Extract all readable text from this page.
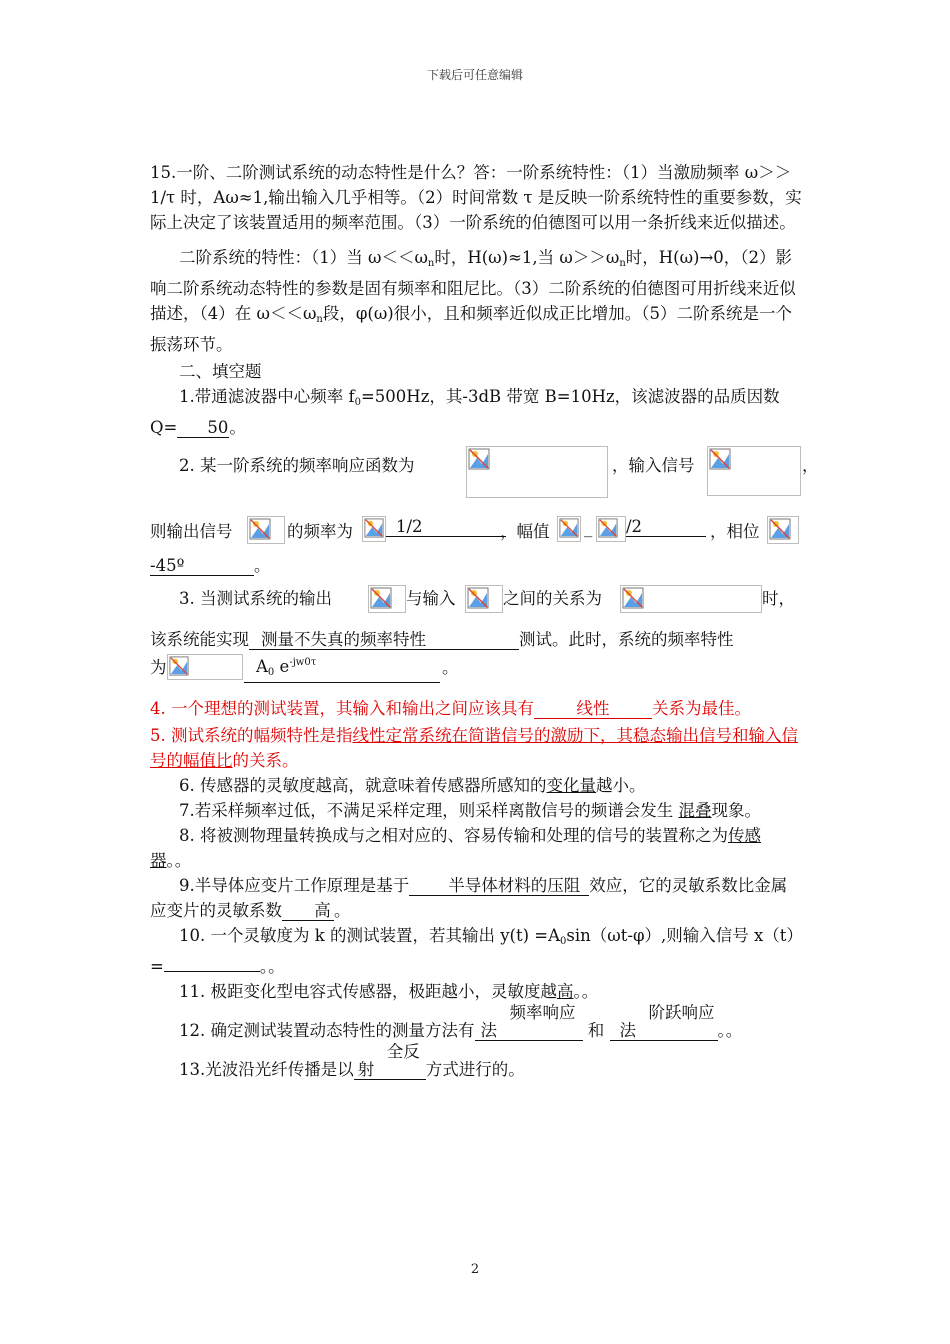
下载后可任意编辑

15.一阶、二阶测试系统的动态特性是什么？答：一阶系统特性：（1）当激励频率 ω＞＞1/τ 时，Aω≈1,输出输入几乎相等。（2）时间常数 τ 是反映一阶系统特性的重要参数，实 际上决定了该装置适用的频率范围。（3）一阶系统的伯德图可以用一条折线来近似描述。

二阶系统的特性：（1）当 $\omega<<\omega_n$时，H(ω)≈1,当 $\omega>>\omega_n$时，H(ω)→0，（2）影响二阶系统动态特性的参数是固有频率和阻尼比。（3）二阶系统的伯德图可用折线来近似描述，（4）在 $\omega<<\omega_n$段，φ(ω)很小，且和频率近似成正比增加。（5）二阶系统是一个振荡环节。

二、填空题

1.带通滤波器中心频率 $f_0=500Hz$，其-3dB 带宽 B=10Hz，该滤波器的品质因数 Q= 50。

2. 某一阶系统的频率响应函数为	，输入信号	，
则输出信号	的频率为	1/2	，幅值 _ /2	，相位

-45º	。

3. 当测试系统的输出	与输入	之间的关系为	时，

该系统能实现 测量不失真的频率特性	测试。此时，系统的频率特性

为	$A_0$ $e^{-jw0\tau}$	。

4. 一个理想的测试装置，其输入和输出之间应该具有	线性	关系为最佳。

5. 测试系统的幅频特性是指线性定常系统在简谐信号的激励下，其稳态输出信号和输入信号的幅值比的关系。

6. 传感器的灵敏度越高，就意味着传感器所感知的变化量越小。

7.若采样频率过低，不满足采样定理，则采样离散信号的频谱会发生 混叠现象。

8. 将被测物理量转换成与之相对应的、容易传输和处理的信号的装置称之为传感器。。

9.半导体应变片工作原理是基于 半导体材料的压阻 效应，它的灵敏系数比金属应变片的灵敏系数 高 。

10. 一个灵敏度为 k 的测试装置，若其输出 $y(t) =A_0\sin(\omega t-\varphi)$,则输入信号 x（t）=	。。

11. 极距变化型电容式传感器，极距越小，灵敏度越高。。

12. 确定测试装置动态特性的测量方法有频率响应法	和 阶跃响应法	。。

13.光波沿光纤传播是以全反射	方式进行的。

2
